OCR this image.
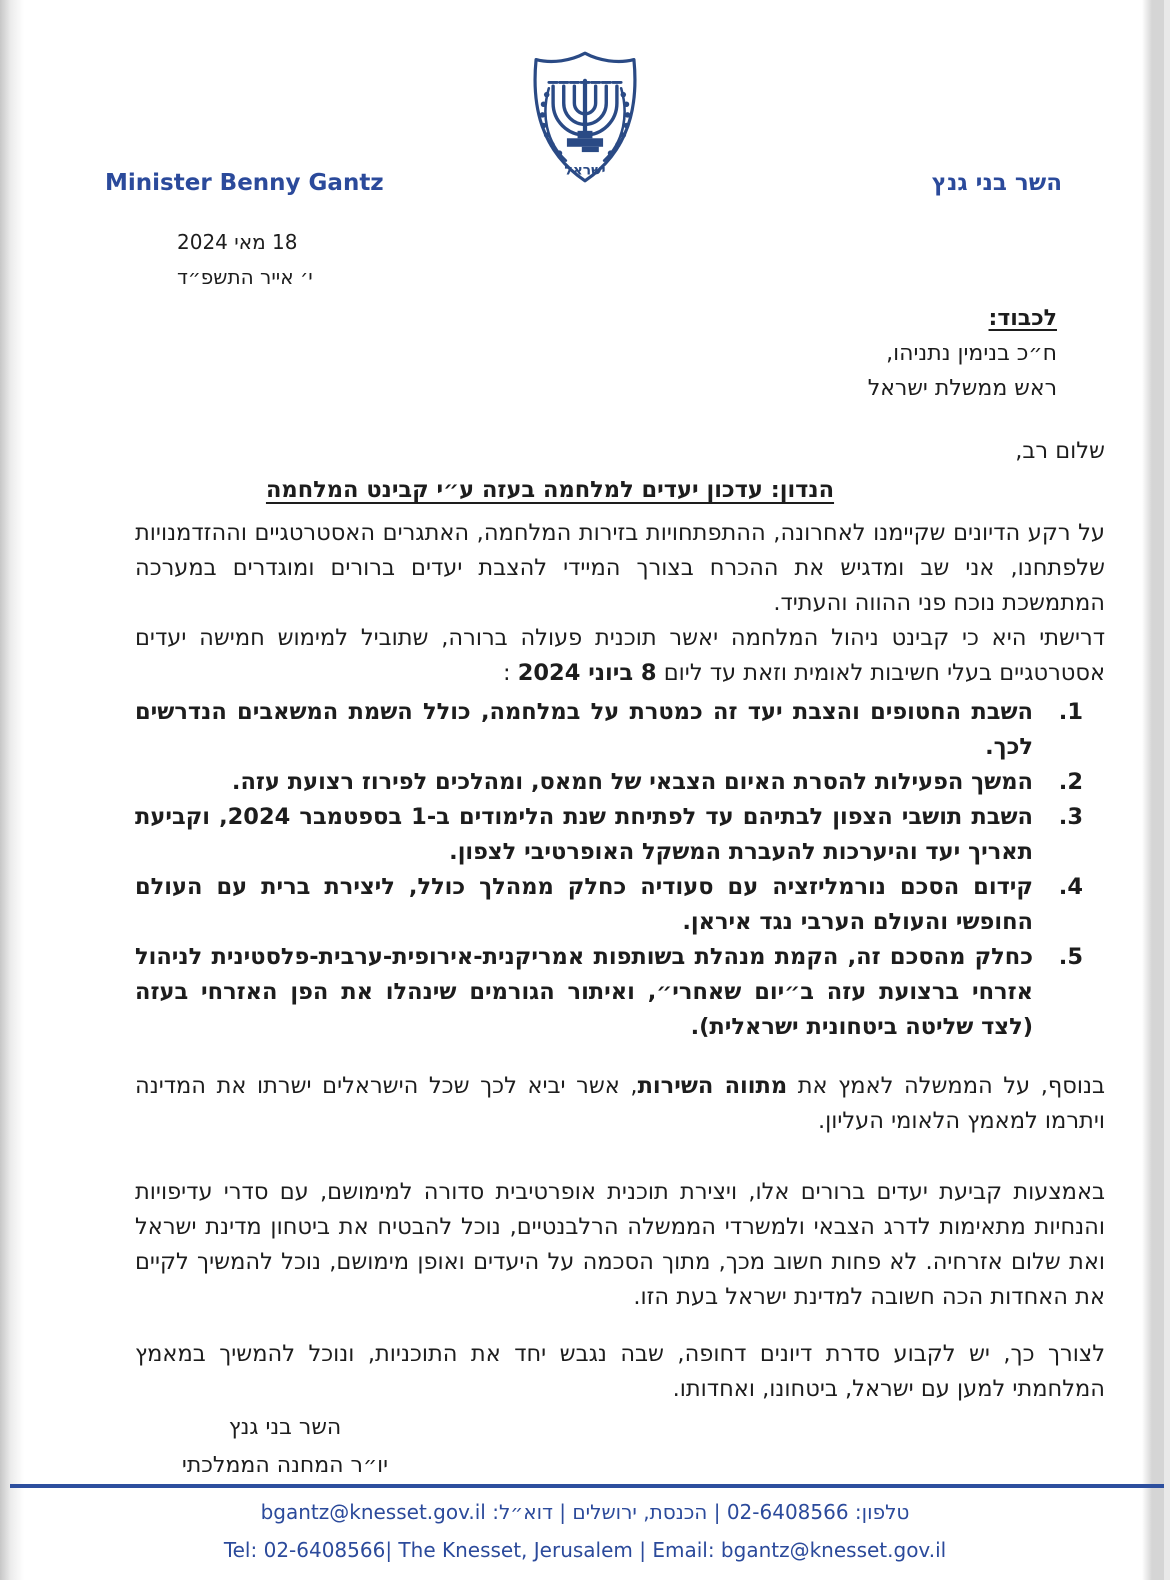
ישראל
Minister Benny Gantz	השר בני גנץ
18 מאי 2024
י׳ אייר התשפ״ד
לכבוד:
ח״כ בנימין נתניהו,
ראש ממשלת ישראל
שלום רב,
הנדון: עדכון יעדים למלחמה בעזה ע״י קבינט המלחמה

על רקע הדיונים שקיימנו לאחרונה, ההתפתחויות בזירות המלחמה, האתגרים האסטרטגיים וההזדמנויות שלפתחנו, אני שב ומדגיש את ההכרח בצורך המיידי להצבת יעדים ברורים ומוגדרים במערכה המתמשכת נוכח פני ההווה והעתיד.

דרישתי היא כי קבינט ניהול המלחמה יאשר תוכנית פעולה ברורה, שתוביל למימוש חמישה יעדים אסטרטגיים בעלי חשיבות לאומית וזאת עד ליום 8 ביוני 2024 :

1.
השבת החטופים והצבת יעד זה כמטרת על במלחמה, כולל השמת המשאבים הנדרשים לכך.
2.
המשך הפעילות להסרת האיום הצבאי של חמאס, ומהלכים לפירוז רצועת עזה.
3.
השבת תושבי הצפון לבתיהם עד לפתיחת שנת הלימודים ב-1 בספטמבר 2024, וקביעת תאריך יעד והיערכות להעברת המשקל האופרטיבי לצפון.
4.
קידום הסכם נורמליזציה עם סעודיה כחלק ממהלך כולל, ליצירת ברית עם העולם החופשי והעולם הערבי נגד איראן.
5.
כחלק מהסכם זה, הקמת מנהלת בשותפות אמריקנית-אירופית-ערבית-פלסטינית לניהול אזרחי ברצועת עזה ב״יום שאחרי״, ואיתור הגורמים שינהלו את הפן האזרחי בעזה (לצד שליטה ביטחונית ישראלית).

בנוסף, על הממשלה לאמץ את מתווה השירות, אשר יביא לכך שכל הישראלים ישרתו את המדינה ויתרמו למאמץ הלאומי העליון.

באמצעות קביעת יעדים ברורים אלו, ויצירת תוכנית אופרטיבית סדורה למימושם, עם סדרי עדיפויות והנחיות מתאימות לדרג הצבאי ולמשרדי הממשלה הרלבנטיים, נוכל להבטיח את ביטחון מדינת ישראל ואת שלום אזרחיה. לא פחות חשוב מכך, מתוך הסכמה על היעדים ואופן מימושם, נוכל להמשיך לקיים את האחדות הכה חשובה למדינת ישראל בעת הזו.

לצורך כך, יש לקבוע סדרת דיונים דחופה, שבה נגבש יחד את התוכניות, ונוכל להמשיך במאמץ המלחמתי למען עם ישראל, ביטחונו, ואחדותו.

השר בני גנץ
יו״ר המחנה הממלכתי
טלפון: 02-6408566 | הכנסת, ירושלים | דוא״ל: bgantz@knesset.gov.il
Tel: 02-6408566| The Knesset, Jerusalem | Email: bgantz@knesset.gov.il
